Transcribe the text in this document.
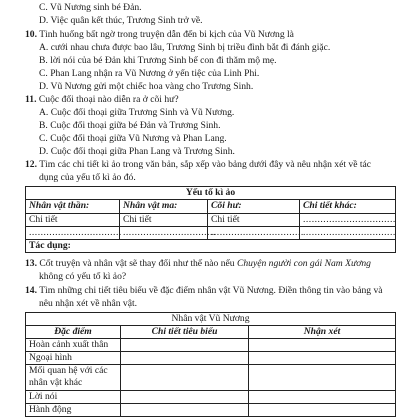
C. Vũ Nương sinh bé Đản.
D. Việc quân kết thúc, Trương Sinh trở về.
10. Tình huống bất ngờ trong truyện dẫn đến bi kịch của Vũ Nương là
A. cưới nhau chưa được bao lâu, Trương Sinh bị triều đình bắt đi đánh giặc.
B. lời nói của bé Đản khi Trương Sinh bế con đi thăm mộ mẹ.
C. Phan Lang nhận ra Vũ Nương ở yến tiệc của Linh Phi.
D. Vũ Nương gửi một chiếc hoa vàng cho Trương Sinh.
11. Cuộc đối thoại nào diễn ra ở cõi hư?
A. Cuộc đối thoại giữa Trương Sinh và Vũ Nương.
B. Cuộc đối thoại giữa bé Đản và Trương Sinh.
C. Cuộc đối thoại giữa Vũ Nương và Phan Lang.
D. Cuộc đối thoại giữa Phan Lang và Trương Sinh.
12. Tìm các chi tiết kì ảo trong văn bản, sắp xếp vào bảng dưới đây và nêu nhận xét về tác
dụng của yếu tố kì ảo đó.
Yếu tố kì ảo			
Nhân vật thần:	Nhân vật ma:	Cõi hư:	Chi tiết khác:
Chi tiết	Chi tiết	Chi tiết	................................
................................	................................	................................	................................
Tác dụng:			
13. Cốt truyện và nhân vật sẽ thay đổi như thế nào nếu Chuyện người con gái Nam Xương
không có yếu tố kì ảo?
14. Tìm những chi tiết tiêu biểu về đặc điểm nhân vật Vũ Nương. Điền thông tin vào bảng và
nêu nhận xét về nhân vật.
Nhân vật Vũ Nương		
Đặc điểm	Chi tiết tiêu biểu	Nhận xét
Hoàn cảnh xuất thân		
Ngoại hình		
Mối quan hệ với các nhân vật khác		
Lời nói		
Hành động		
